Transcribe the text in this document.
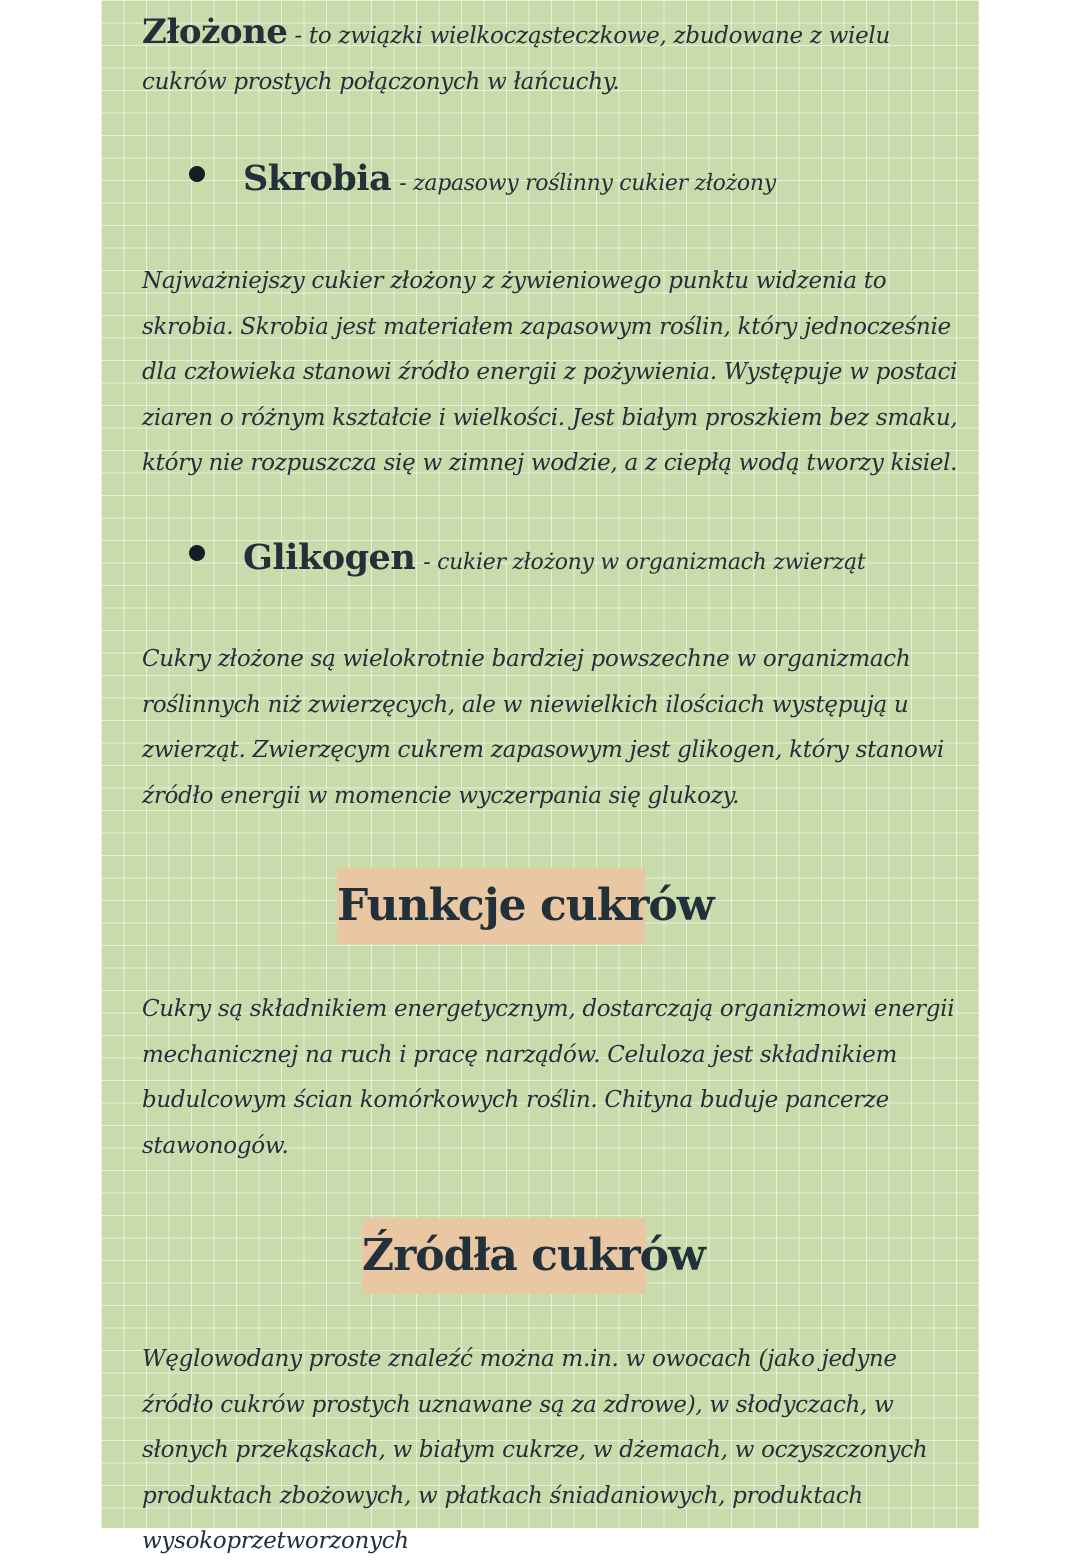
Złożone - to związki wielkocząsteczkowe, zbudowane z wielu cukrów prostych połączonych w łańcuchy.
Skrobia - zapasowy roślinny cukier złożony
Najważniejszy cukier złożony z żywieniowego punktu widzenia to skrobia. Skrobia jest materiałem zapasowym roślin, który jednocześnie dla człowieka stanowi źródło energii z pożywienia. Występuje w postaci ziaren o różnym kształcie i wielkości. Jest białym proszkiem bez smaku, który nie rozpuszcza się w zimnej wodzie, a z ciepłą wodą tworzy kisiel.
Glikogen - cukier złożony w organizmach zwierząt
Cukry złożone są wielokrotnie bardziej powszechne w organizmach roślinnych niż zwierzęcych, ale w niewielkich ilościach występują u zwierząt. Zwierzęcym cukrem zapasowym jest glikogen, który stanowi źródło energii w momencie wyczerpania się glukozy.
Funkcje cukrów
Cukry są składnikiem energetycznym, dostarczają organizmowi energii mechanicznej na ruch i pracę narządów. Celuloza jest składnikiem budulcowym ścian komórkowych roślin. Chityna buduje pancerze stawonogów.
Źródła cukrów
Węglowodany proste znaleźć można m.in. w owocach (jako jedyne źródło cukrów prostych uznawane są za zdrowe), w słodyczach, w słonych przekąskach, w białym cukrze, w dżemach, w oczyszczonych produktach zbożowych, w płatkach śniadaniowych, produktach wysokoprzetworzonych
